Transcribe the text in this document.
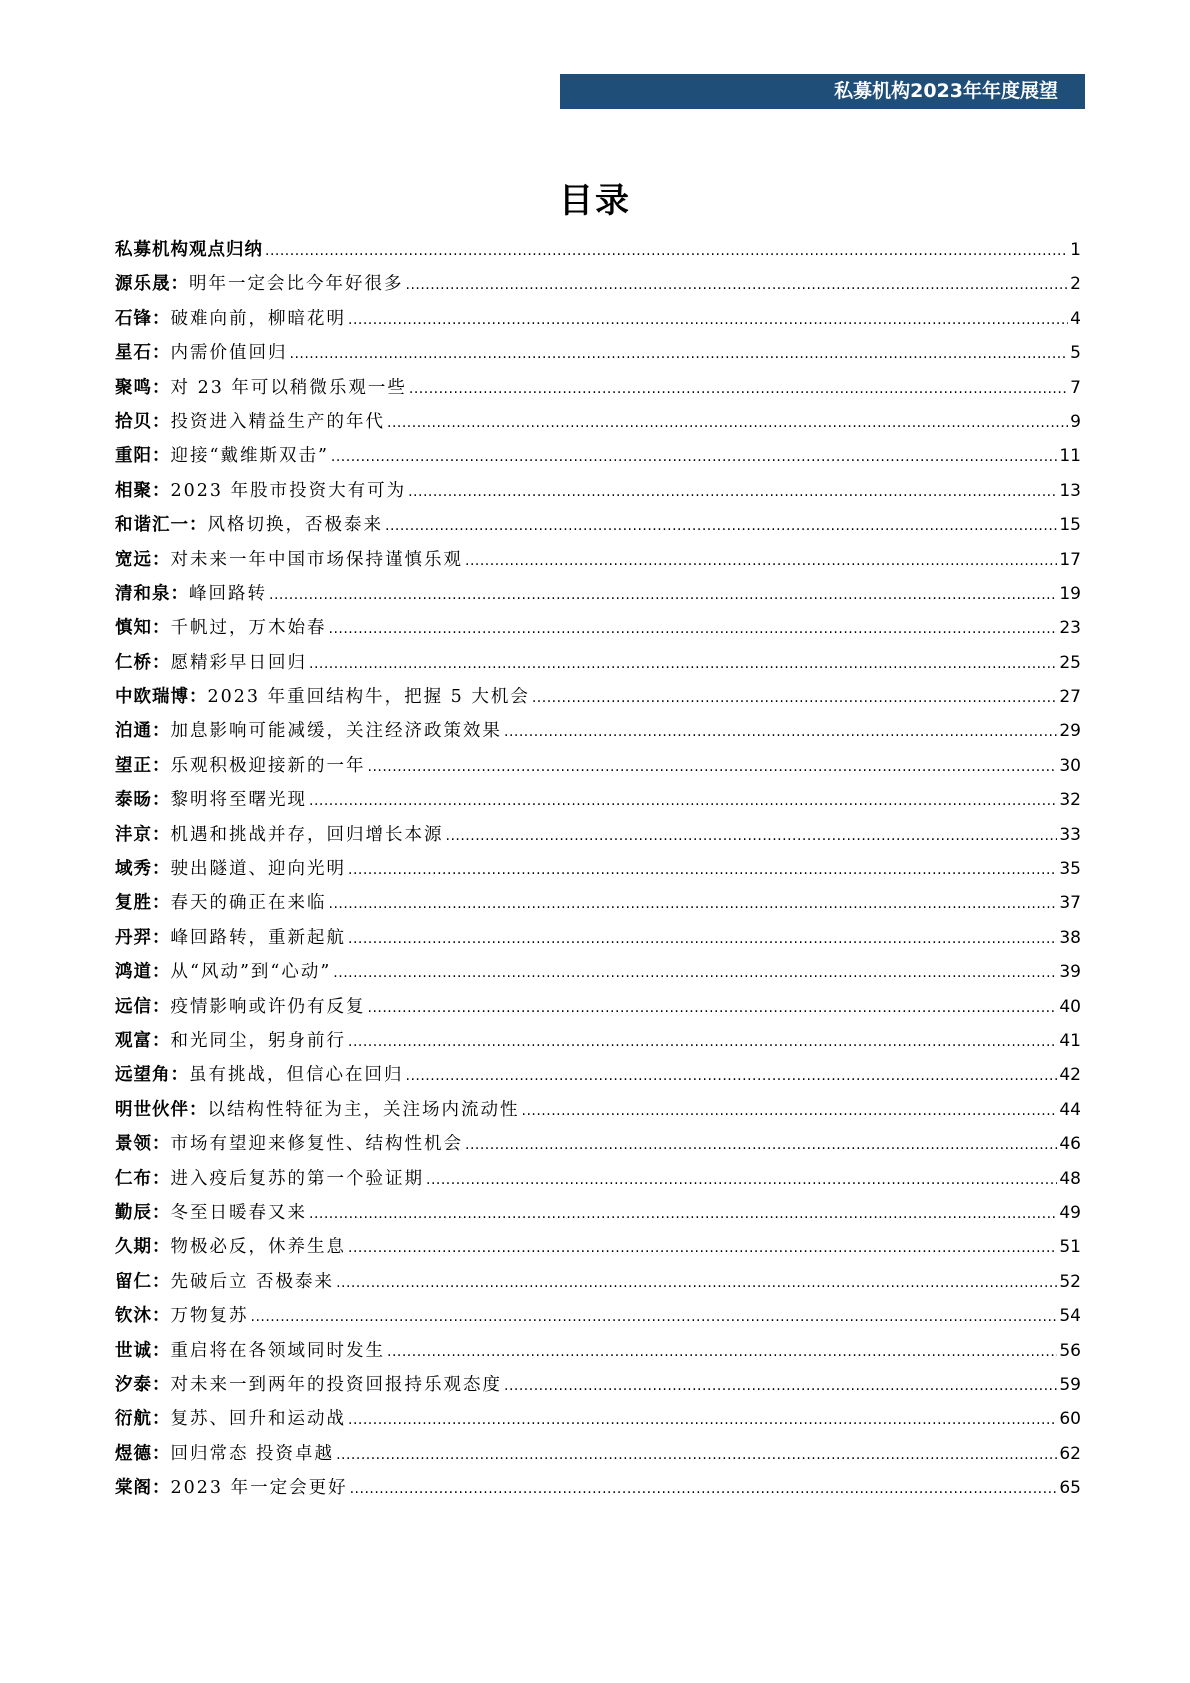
私募机构2023年年度展望
目录
私募机构观点归纳 .....	1
源乐晟： 明年一定会比今年好很多 .....	2
石锋： 破难向前，柳暗花明 .....	4
星石： 内需价值回归 .....	5
聚鸣： 对 23 年可以稍微乐观一些 .....	7
拾贝： 投资进入精益生产的年代 .....	9
重阳： 迎接“戴维斯双击” .....	11
相聚： 2023 年股市投资大有可为 .....	13
和谐汇一： 风格切换，否极泰来 .....	15
宽远： 对未来一年中国市场保持谨慎乐观 .....	17
清和泉： 峰回路转 .....	19
慎知： 千帆过，万木始春 .....	23
仁桥： 愿精彩早日回归 .....	25
中欧瑞博： 2023 年重回结构牛，把握 5 大机会 .....	27
泊通： 加息影响可能减缓，关注经济政策效果 .....	29
望正： 乐观积极迎接新的一年 .....	30
泰旸： 黎明将至曙光现 .....	32
沣京： 机遇和挑战并存，回归增长本源 .....	33
域秀： 驶出隧道、迎向光明 .....	35
复胜： 春天的确正在来临 .....	37
丹羿： 峰回路转，重新起航 .....	38
鸿道： 从“风动”到“心动” .....	39
远信： 疫情影响或许仍有反复 .....	40
观富： 和光同尘，躬身前行 .....	41
远望角： 虽有挑战，但信心在回归 .....	42
明世伙伴： 以结构性特征为主，关注场内流动性 .....	44
景领： 市场有望迎来修复性、结构性机会 .....	46
仁布： 进入疫后复苏的第一个验证期 .....	48
勤辰： 冬至日暖春又来 .....	49
久期： 物极必反，休养生息 .....	51
留仁： 先破后立 否极泰来 .....	52
钦沐： 万物复苏 .....	54
世诚： 重启将在各领域同时发生 .....	56
汐泰： 对未来一到两年的投资回报持乐观态度 .....	59
衍航： 复苏、回升和运动战 .....	60
煜德： 回归常态 投资卓越 .....	62
棠阁： 2023 年一定会更好 .....	65
